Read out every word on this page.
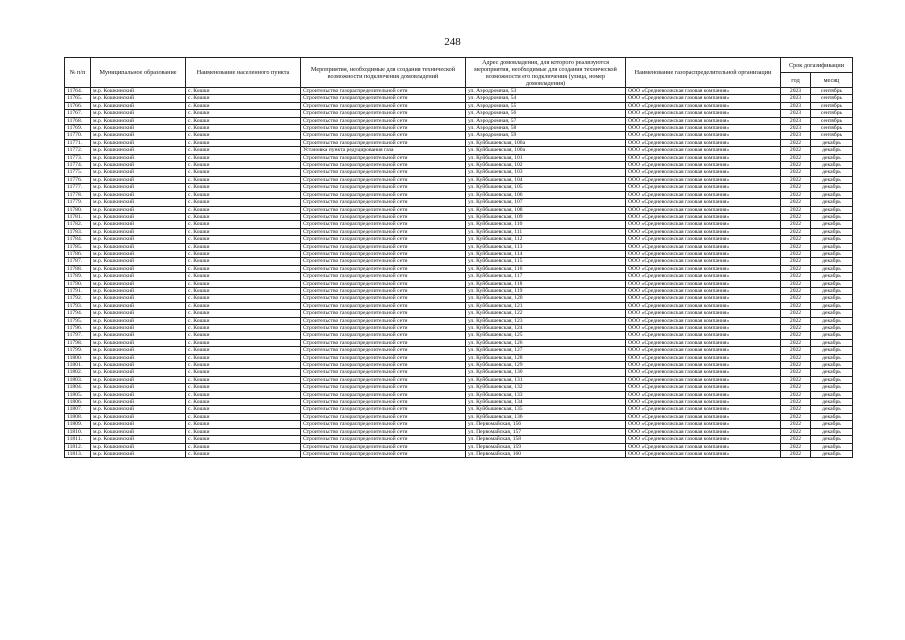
248
№ п/п	Муниципальное образование	Наименование населенного пункта	Мероприятия, необходимые для создания технической возможности подключения домовладений	Адрес домовладения, для которого реализуются мероприятия, необходимые для создания технической возможности его подключения (улица, номер домовладения)	Наименование газораспределительной организации	Срок догазификации	
						год	месяц
11764.	м.р. Кошкинский	с. Кошки	Строительство газораспределительной сети	ул. Аэродромная, 53	ООО «Средневолжская газовая компания»	2023	сентябрь
11765.	м.р. Кошкинский	с. Кошки	Строительство газораспределительной сети	ул. Аэродромная, 54	ООО «Средневолжская газовая компания»	2023	сентябрь
11766.	м.р. Кошкинский	с. Кошки	Строительство газораспределительной сети	ул. Аэродромная, 55	ООО «Средневолжская газовая компания»	2023	сентябрь
11767.	м.р. Кошкинский	с. Кошки	Строительство газораспределительной сети	ул. Аэродромная, 56	ООО «Средневолжская газовая компания»	2023	сентябрь
11768.	м.р. Кошкинский	с. Кошки	Строительство газораспределительной сети	ул. Аэродромная, 57	ООО «Средневолжская газовая компания»	2023	сентябрь
11769.	м.р. Кошкинский	с. Кошки	Строительство газораспределительной сети	ул. Аэродромная, 58	ООО «Средневолжская газовая компания»	2023	сентябрь
11770.	м.р. Кошкинский	с. Кошки	Строительство газораспределительной сети	ул. Аэродромная, 59	ООО «Средневолжская газовая компания»	2023	сентябрь
11771.	м.р. Кошкинский	с. Кошки	Строительство газораспределительной сети	ул. Куйбышевская, 100а	ООО «Средневолжская газовая компания»	2022	декабрь
11772.	м.р. Кошкинский	с. Кошки	Установка пункта редуцирования газа	ул. Куйбышевская, 100а	ООО «Средневолжская газовая компания»	2022	декабрь
11773.	м.р. Кошкинский	с. Кошки	Строительство газораспределительной сети	ул. Куйбышевская, 101	ООО «Средневолжская газовая компания»	2022	декабрь
11774.	м.р. Кошкинский	с. Кошки	Строительство газораспределительной сети	ул. Куйбышевская, 102	ООО «Средневолжская газовая компания»	2022	декабрь
11775.	м.р. Кошкинский	с. Кошки	Строительство газораспределительной сети	ул. Куйбышевская, 103	ООО «Средневолжская газовая компания»	2022	декабрь
11776.	м.р. Кошкинский	с. Кошки	Строительство газораспределительной сети	ул. Куйбышевская, 104	ООО «Средневолжская газовая компания»	2022	декабрь
11777.	м.р. Кошкинский	с. Кошки	Строительство газораспределительной сети	ул. Куйбышевская, 105	ООО «Средневолжская газовая компания»	2022	декабрь
11778.	м.р. Кошкинский	с. Кошки	Строительство газораспределительной сети	ул. Куйбышевская, 106	ООО «Средневолжская газовая компания»	2022	декабрь
11779.	м.р. Кошкинский	с. Кошки	Строительство газораспределительной сети	ул. Куйбышевская, 107	ООО «Средневолжская газовая компания»	2022	декабрь
11780.	м.р. Кошкинский	с. Кошки	Строительство газораспределительной сети	ул. Куйбышевская, 108	ООО «Средневолжская газовая компания»	2022	декабрь
11781.	м.р. Кошкинский	с. Кошки	Строительство газораспределительной сети	ул. Куйбышевская, 109	ООО «Средневолжская газовая компания»	2022	декабрь
11782.	м.р. Кошкинский	с. Кошки	Строительство газораспределительной сети	ул. Куйбышевская, 110	ООО «Средневолжская газовая компания»	2022	декабрь
11783.	м.р. Кошкинский	с. Кошки	Строительство газораспределительной сети	ул. Куйбышевская, 111	ООО «Средневолжская газовая компания»	2022	декабрь
11784.	м.р. Кошкинский	с. Кошки	Строительство газораспределительной сети	ул. Куйбышевская, 112	ООО «Средневолжская газовая компания»	2022	декабрь
11785.	м.р. Кошкинский	с. Кошки	Строительство газораспределительной сети	ул. Куйбышевская, 113	ООО «Средневолжская газовая компания»	2022	декабрь
11786.	м.р. Кошкинский	с. Кошки	Строительство газораспределительной сети	ул. Куйбышевская, 114	ООО «Средневолжская газовая компания»	2022	декабрь
11787.	м.р. Кошкинский	с. Кошки	Строительство газораспределительной сети	ул. Куйбышевская, 115	ООО «Средневолжская газовая компания»	2022	декабрь
11788.	м.р. Кошкинский	с. Кошки	Строительство газораспределительной сети	ул. Куйбышевская, 116	ООО «Средневолжская газовая компания»	2022	декабрь
11789.	м.р. Кошкинский	с. Кошки	Строительство газораспределительной сети	ул. Куйбышевская, 117	ООО «Средневолжская газовая компания»	2022	декабрь
11790.	м.р. Кошкинский	с. Кошки	Строительство газораспределительной сети	ул. Куйбышевская, 118	ООО «Средневолжская газовая компания»	2022	декабрь
11791.	м.р. Кошкинский	с. Кошки	Строительство газораспределительной сети	ул. Куйбышевская, 119	ООО «Средневолжская газовая компания»	2022	декабрь
11792.	м.р. Кошкинский	с. Кошки	Строительство газораспределительной сети	ул. Куйбышевская, 120	ООО «Средневолжская газовая компания»	2022	декабрь
11793.	м.р. Кошкинский	с. Кошки	Строительство газораспределительной сети	ул. Куйбышевская, 121	ООО «Средневолжская газовая компания»	2022	декабрь
11794.	м.р. Кошкинский	с. Кошки	Строительство газораспределительной сети	ул. Куйбышевская, 122	ООО «Средневолжская газовая компания»	2022	декабрь
11795.	м.р. Кошкинский	с. Кошки	Строительство газораспределительной сети	ул. Куйбышевская, 123	ООО «Средневолжская газовая компания»	2022	декабрь
11796.	м.р. Кошкинский	с. Кошки	Строительство газораспределительной сети	ул. Куйбышевская, 124	ООО «Средневолжская газовая компания»	2022	декабрь
11797.	м.р. Кошкинский	с. Кошки	Строительство газораспределительной сети	ул. Куйбышевская, 125	ООО «Средневолжская газовая компания»	2022	декабрь
11798.	м.р. Кошкинский	с. Кошки	Строительство газораспределительной сети	ул. Куйбышевская, 126	ООО «Средневолжская газовая компания»	2022	декабрь
11799.	м.р. Кошкинский	с. Кошки	Строительство газораспределительной сети	ул. Куйбышевская, 127	ООО «Средневолжская газовая компания»	2022	декабрь
11800.	м.р. Кошкинский	с. Кошки	Строительство газораспределительной сети	ул. Куйбышевская, 128	ООО «Средневолжская газовая компания»	2022	декабрь
11801.	м.р. Кошкинский	с. Кошки	Строительство газораспределительной сети	ул. Куйбышевская, 129	ООО «Средневолжская газовая компания»	2022	декабрь
11802.	м.р. Кошкинский	с. Кошки	Строительство газораспределительной сети	ул. Куйбышевская, 130	ООО «Средневолжская газовая компания»	2022	декабрь
11803.	м.р. Кошкинский	с. Кошки	Строительство газораспределительной сети	ул. Куйбышевская, 131	ООО «Средневолжская газовая компания»	2022	декабрь
11804.	м.р. Кошкинский	с. Кошки	Строительство газораспределительной сети	ул. Куйбышевская, 132	ООО «Средневолжская газовая компания»	2022	декабрь
11805.	м.р. Кошкинский	с. Кошки	Строительство газораспределительной сети	ул. Куйбышевская, 133	ООО «Средневолжская газовая компания»	2022	декабрь
11806.	м.р. Кошкинский	с. Кошки	Строительство газораспределительной сети	ул. Куйбышевская, 134	ООО «Средневолжская газовая компания»	2022	декабрь
11807.	м.р. Кошкинский	с. Кошки	Строительство газораспределительной сети	ул. Куйбышевская, 135	ООО «Средневолжская газовая компания»	2022	декабрь
11808.	м.р. Кошкинский	с. Кошки	Строительство газораспределительной сети	ул. Куйбышевская, 136	ООО «Средневолжская газовая компания»	2022	декабрь
11809.	м.р. Кошкинский	с. Кошки	Строительство газораспределительной сети	ул. Первомайская, 156	ООО «Средневолжская газовая компания»	2022	декабрь
11810.	м.р. Кошкинский	с. Кошки	Строительство газораспределительной сети	ул. Первомайская, 157	ООО «Средневолжская газовая компания»	2022	декабрь
11811.	м.р. Кошкинский	с. Кошки	Строительство газораспределительной сети	ул. Первомайская, 158	ООО «Средневолжская газовая компания»	2022	декабрь
11812.	м.р. Кошкинский	с. Кошки	Строительство газораспределительной сети	ул. Первомайская, 159	ООО «Средневолжская газовая компания»	2022	декабрь
11813.	м.р. Кошкинский	с. Кошки	Строительство газораспределительной сети	ул. Первомайская, 160	ООО «Средневолжская газовая компания»	2022	декабрь
